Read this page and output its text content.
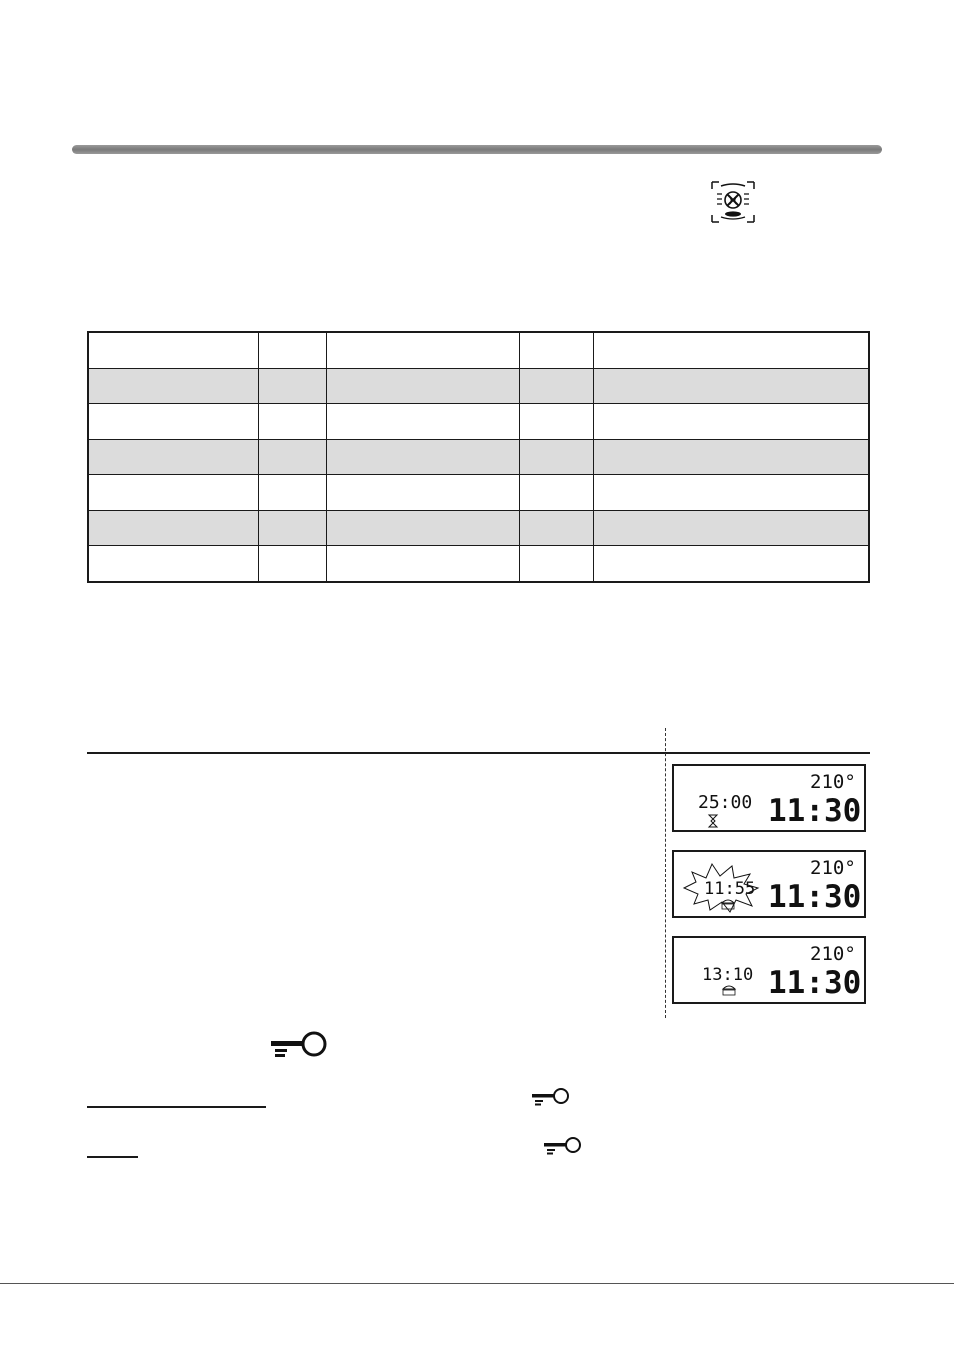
210°
25:00 11:30
210°
11:55 11:30
210°
13:10 11:30
